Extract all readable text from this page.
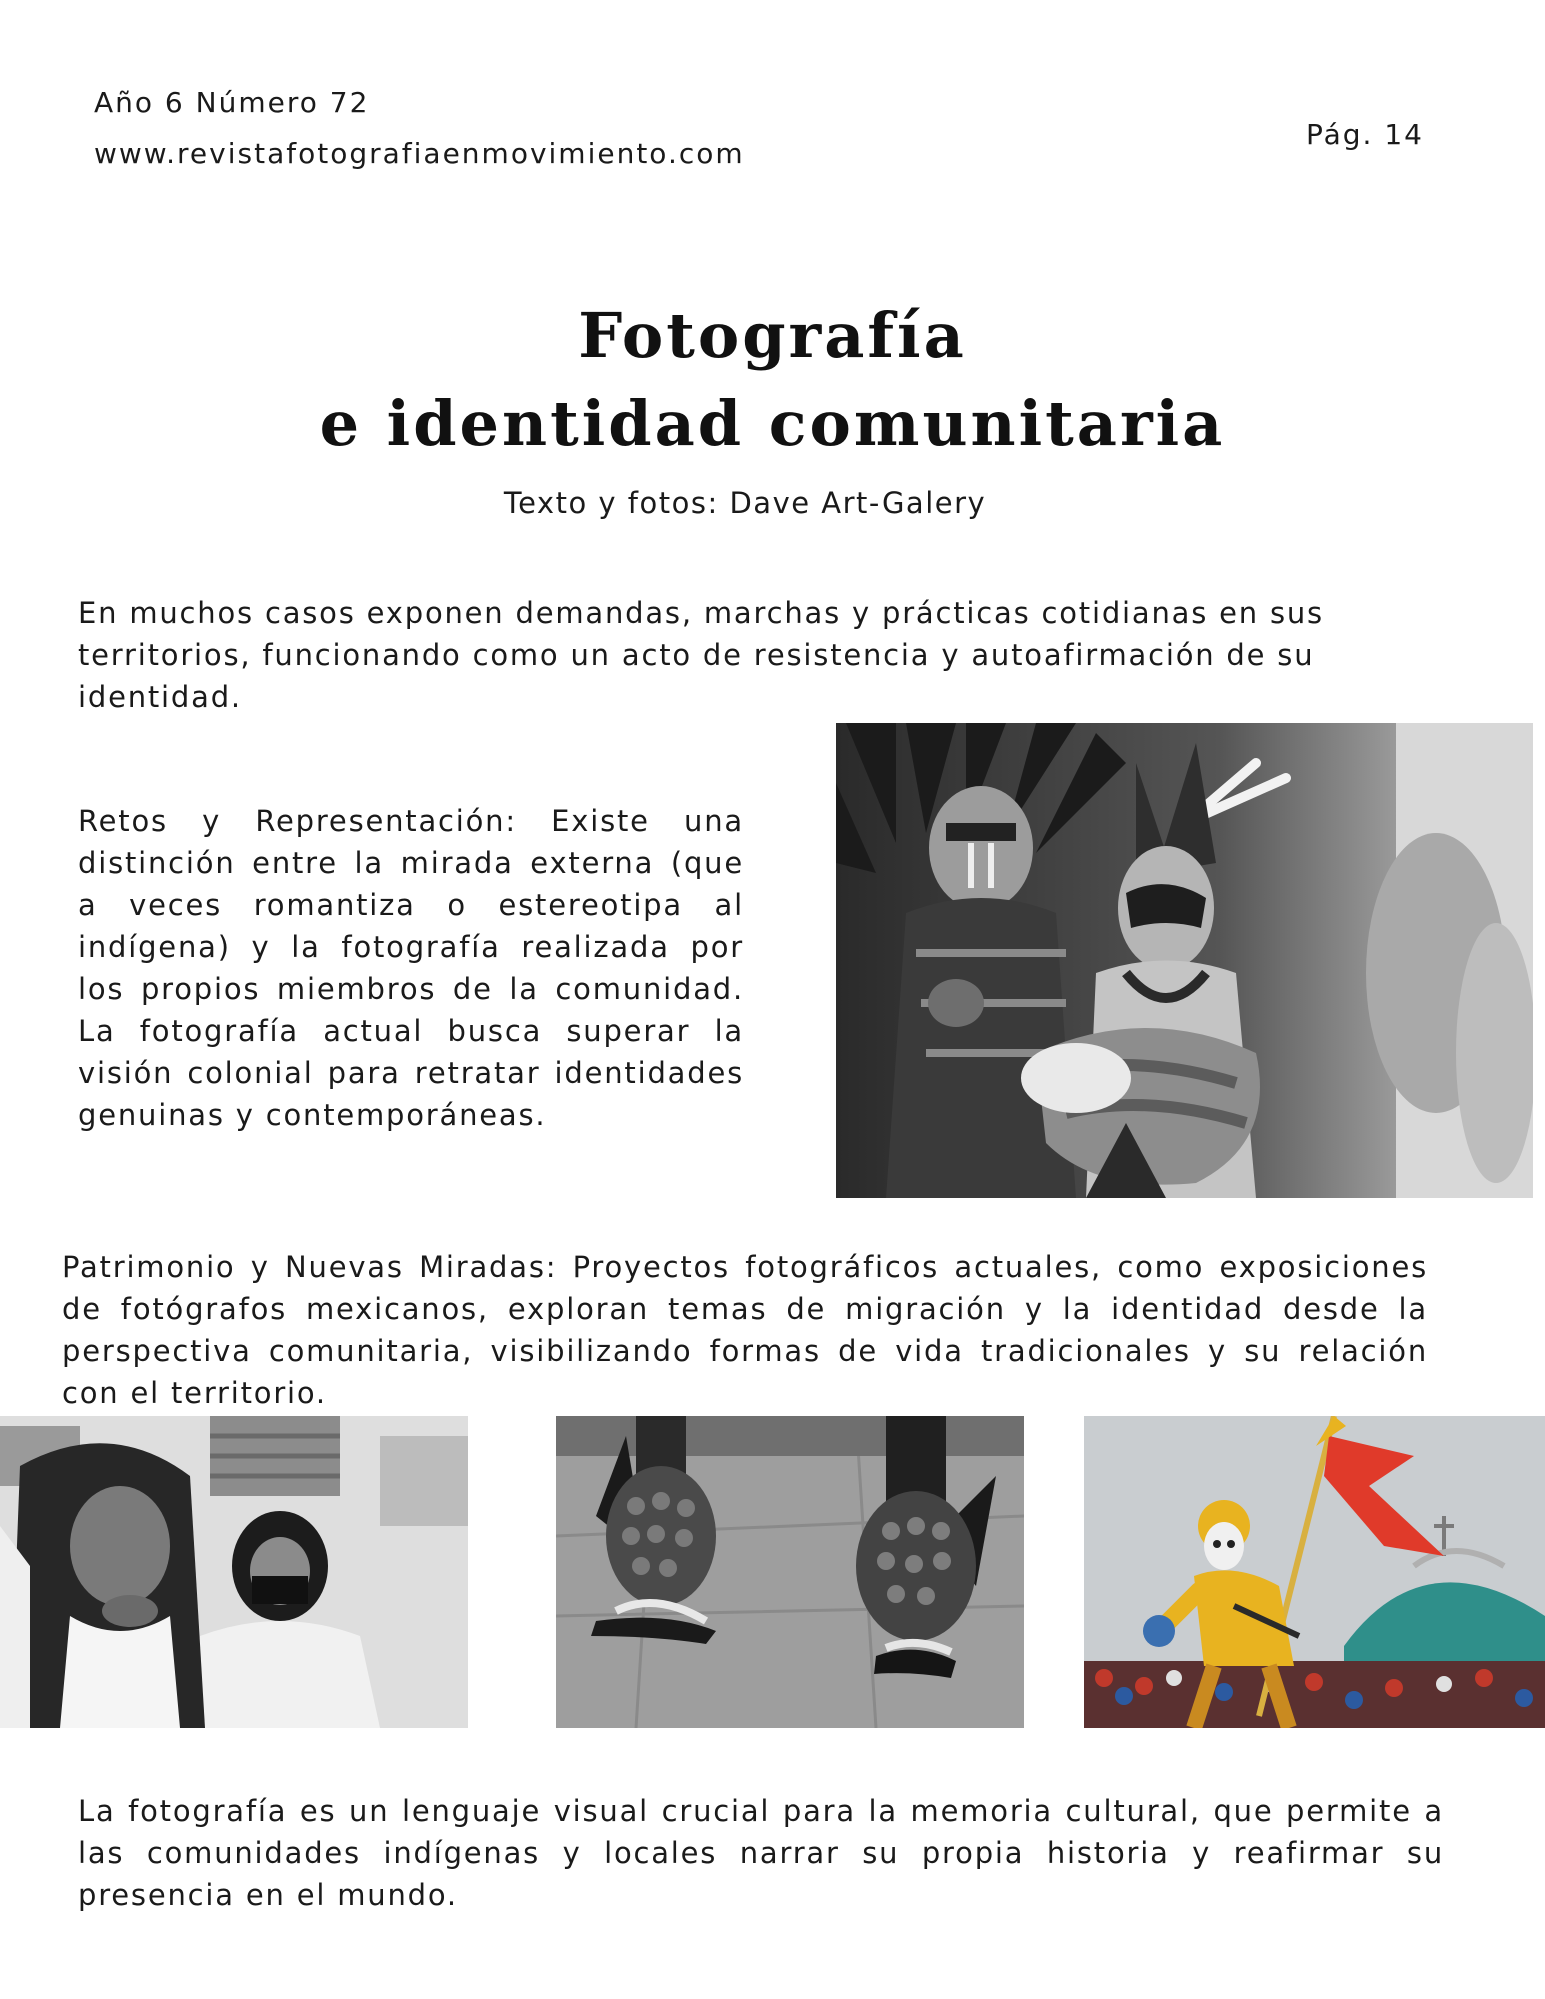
Año 6 Número 72
www.revistafotografiaenmovimiento.com
Pág. 14
Fotografía
e identidad comunitaria
Texto y fotos: Dave Art-Galery
En muchos casos exponen demandas, marchas y prácticas cotidianas en sus territorios, funcionando como un acto de resistencia y autoafirmación de su identidad.
Retos y Representación: Existe una distinción entre la mirada externa (que a veces romantiza o estereotipa al indígena) y la fotografía realizada por los propios miembros de la comunidad. La fotografía actual busca superar la visión colonial para retratar identidades genuinas y contemporáneas.
Patrimonio y Nuevas Miradas: Proyectos fotográficos actuales, como exposiciones de fotógrafos mexicanos, exploran temas de migración y la identidad desde la perspectiva comunitaria, visibilizando formas de vida tradicionales y su relación con el territorio.
La fotografía es un lenguaje visual crucial para la memoria cultural, que permite a las comunidades indígenas y locales narrar su propia historia y reafirmar su presencia en el mundo.
